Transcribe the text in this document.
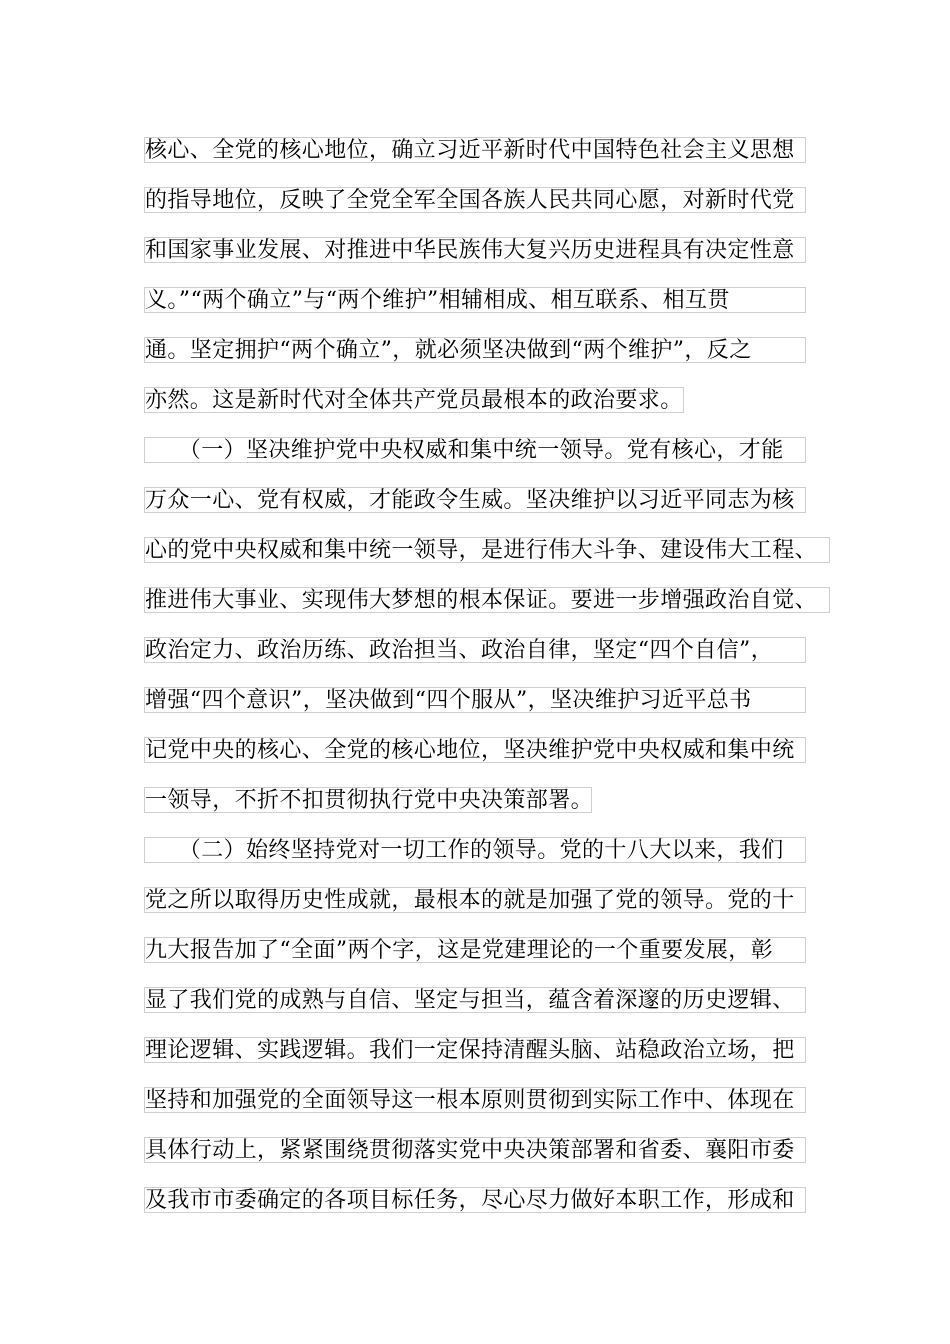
核心、全党的核心地位，确立习近平新时代中国特色社会主义思想
的指导地位，反映了全党全军全国各族人民共同心愿，对新时代党
和国家事业发展、对推进中华民族伟大复兴历史进程具有决定性意
义。”“两个确立”与“两个维护”相辅相成、相互联系、相互贯
通。坚定拥护“两个确立”，就必须坚决做到“两个维护”，反之
亦然。这是新时代对全体共产党员最根本的政治要求。
　　（一）坚决维护党中央权威和集中统一领导。党有核心，才能
万众一心、党有权威，才能政令生威。坚决维护以习近平同志为核
心的党中央权威和集中统一领导，是进行伟大斗争、建设伟大工程、
推进伟大事业、实现伟大梦想的根本保证。要进一步增强政治自觉、
政治定力、政治历练、政治担当、政治自律，坚定“四个自信”，
增强“四个意识”，坚决做到“四个服从”，坚决维护习近平总书
记党中央的核心、全党的核心地位，坚决维护党中央权威和集中统
一领导，不折不扣贯彻执行党中央决策部署。
　　（二）始终坚持党对一切工作的领导。党的十八大以来，我们
党之所以取得历史性成就，最根本的就是加强了党的领导。党的十
九大报告加了“全面”两个字，这是党建理论的一个重要发展，彰
显了我们党的成熟与自信、坚定与担当，蕴含着深邃的历史逻辑、
理论逻辑、实践逻辑。我们一定保持清醒头脑、站稳政治立场，把
坚持和加强党的全面领导这一根本原则贯彻到实际工作中、体现在
具体行动上，紧紧围绕贯彻落实党中央决策部署和省委、襄阳市委
及我市市委确定的各项目标任务，尽心尽力做好本职工作，形成和
